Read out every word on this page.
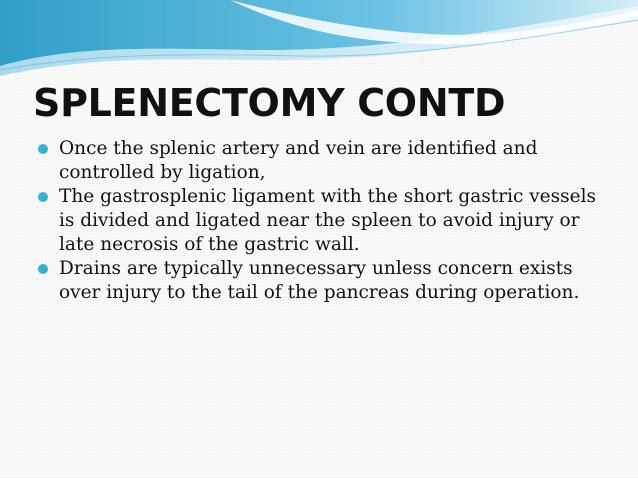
SPLENECTOMY CONTD
Once the splenic artery and vein are identified and controlled by ligation,
The gastrosplenic ligament with the short gastric vessels is divided and ligated near the spleen to avoid injury or late necrosis of the gastric wall.
Drains are typically unnecessary unless concern exists over injury to the tail of the pancreas during operation.
